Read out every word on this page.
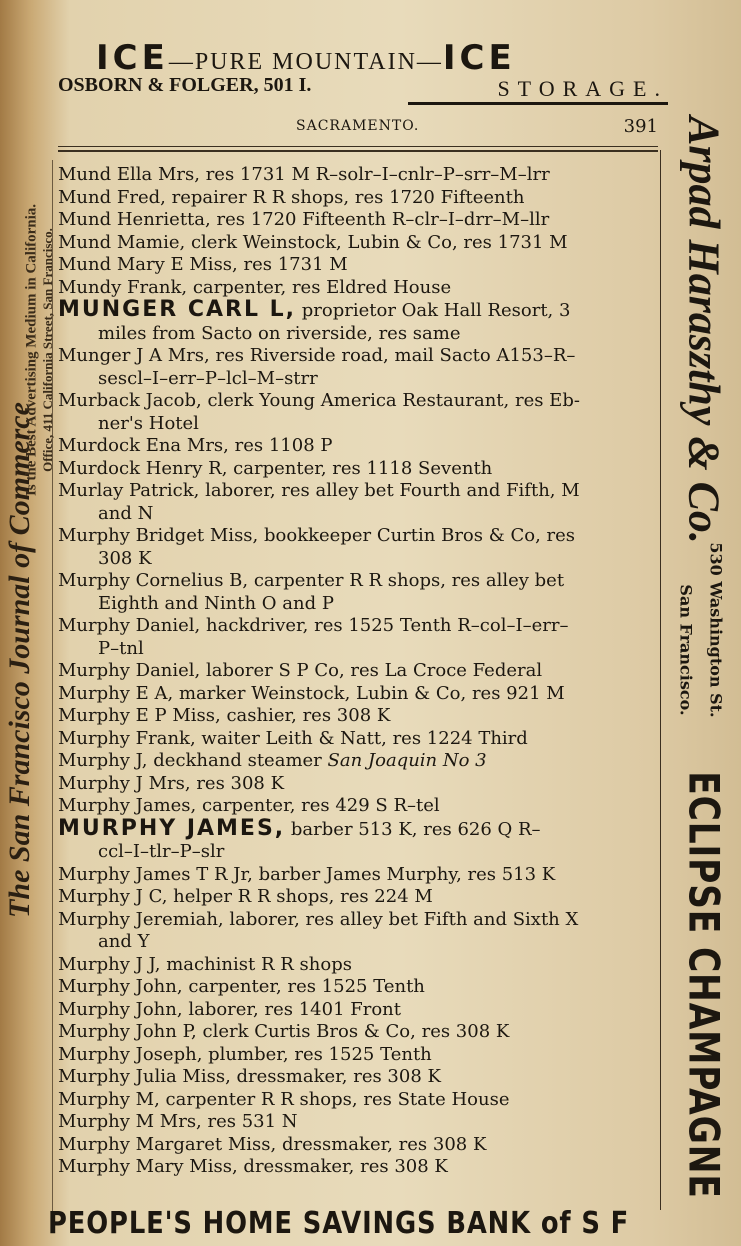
ICE—PURE MOUNTAIN—ICE
OSBORN & FOLGER, 501 I.	STORAGE.
SACRAMENTO.	391
Mund Ella Mrs, res 1731 M R–solr–I–cnlr–P–srr–M–lrr
Mund Fred, repairer R R shops, res 1720 Fifteenth
Mund Henrietta, res 1720 Fifteenth R–clr–I–drr–M–llr
Mund Mamie, clerk Weinstock, Lubin & Co, res 1731 M
Mund Mary E Miss, res 1731 M
Mundy Frank, carpenter, res Eldred House
MUNGER CARL L, proprietor Oak Hall Resort, 3
miles from Sacto on riverside, res same
Munger J A Mrs, res Riverside road, mail Sacto A153–R–
sescl–I–err–P–lcl–M–strr
Murback Jacob, clerk Young America Restaurant, res Eb-
ner's Hotel
Murdock Ena Mrs, res 1108 P
Murdock Henry R, carpenter, res 1118 Seventh
Murlay Patrick, laborer, res alley bet Fourth and Fifth, M
and N
Murphy Bridget Miss, bookkeeper Curtin Bros & Co, res
308 K
Murphy Cornelius B, carpenter R R shops, res alley bet
Eighth and Ninth O and P
Murphy Daniel, hackdriver, res 1525 Tenth R–col–I–err–
P–tnl
Murphy Daniel, laborer S P Co, res La Croce Federal
Murphy E A, marker Weinstock, Lubin & Co, res 921 M
Murphy E P Miss, cashier, res 308 K
Murphy Frank, waiter Leith & Natt, res 1224 Third
Murphy J, deckhand steamer San Joaquin No 3
Murphy J Mrs, res 308 K
Murphy James, carpenter, res 429 S R–tel
MURPHY JAMES, barber 513 K, res 626 Q R–
ccl–I–tlr–P–slr
Murphy James T R Jr, barber James Murphy, res 513 K
Murphy J C, helper R R shops, res 224 M
Murphy Jeremiah, laborer, res alley bet Fifth and Sixth X
and Y
Murphy J J, machinist R R shops
Murphy John, carpenter, res 1525 Tenth
Murphy John, laborer, res 1401 Front
Murphy John P, clerk Curtis Bros & Co, res 308 K
Murphy Joseph, plumber, res 1525 Tenth
Murphy Julia Miss, dressmaker, res 308 K
Murphy M, carpenter R R shops, res State House
Murphy M Mrs, res 531 N
Murphy Margaret Miss, dressmaker, res 308 K
Murphy Mary Miss, dressmaker, res 308 K
The San Francisco Journal of Commerce
Is the Best Advertising Medium in California. Office, 411 California Street, San Francisco.	Arpad Haraszthy & Co.
530 Washington St.
San Francisco.
ECLIPSE CHAMPAGNE
PEOPLE'S HOME SAVINGS BANK of S F
